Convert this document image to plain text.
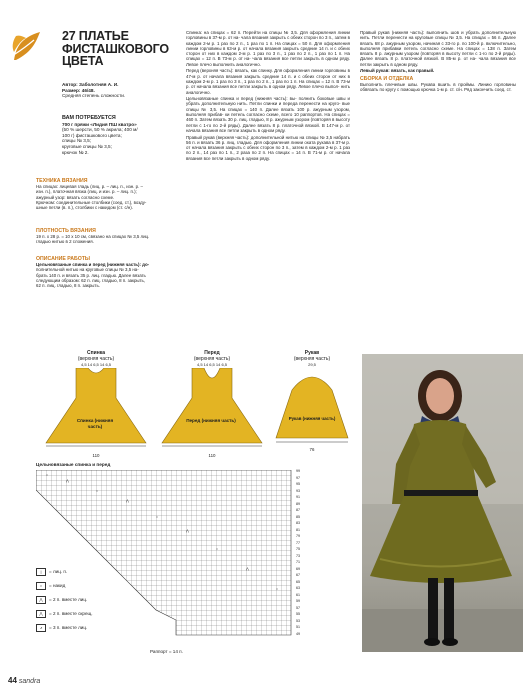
27 ПЛАТЬЕ
ФИСТАШКОВОГО
ЦВЕТА
Автор: Заболотняя А. И.
Размер: 46/48.
Средняя степень сложности.
ВАМ ПОТРЕБУЕТСЯ
700 г пряжи «Лидия ПШ кватро»
(50 % шерсти, 50 % акрила; 400 м/
100 г) фисташкового цвета;
спицы № 3,5;
круговые спицы № 3,5;
крючок № 2.
ТЕХНИКА ВЯЗАНИЯ
На спицах: лицевая гладь (лиц. р. – лиц. п., изн. р. –
изн. п.), платочная вязка (лиц. и изн. р. – лиц. п.);
ажурный узор: вязать согласно схеме.
Крючком: соединительные столбики (соед. ст.), возду-
шные петли (в. п.), столбики с накидом (ст. с/н).
ПЛОТНОСТЬ ВЯЗАНИЯ
19 п. x 28 р. = 10 x 10 см, связано на спицах № 3,5 лиц.
гладью нитью в 2 сложения.
ОПИСАНИЕ РАБОТЫ
Цельновязаные спинка и перед (нижняя часть): до-
полнительной нитью на круговые спицы № 3,5 на-
брать 140 п. и вязать 35 р. лиц. гладью. Далее вязать
следующим образом: 62 п. лиц. гладью, 8 п. закрыть,
62 п. лиц. гладью, 8 п. закрыть.

Спинка: на спицах = 62 п. Перейти на спицы № 3,5. Для оформления линии горловины в 37-м р. от на- чала вязания закрыть с обеих сторон по 3 п., затем в каждом 2-м р. 1 раз по 2 п., 1 раз по 1 п. На спицах = 50 п. Для оформления линии горловины в 63-м р. от начала вязания закрыть средние 14 п. и с обеих сторон от них в каждом 2-м р. 1 раз по 3 п., 1 раз по 2 п., 1 раз по 1 п. На спицах = 12 п. В 73-м р. от на- чала вязания все петли закрыть в одном ряду. Левое плечо выполнить аналогично.

Перед (верхняя часть): вязать, как спинку. Для оформления линии горловины в 47-м р. от начала вязания закрыть средние 14 п. и с обеих сторон от них в каждом 2-м р. 1 раз по 3 п., 1 раз по 2 п., 1 раз по 1 п. На спицах = 12 п. В 73-м р. от начала вязания все петли закрыть в одном ряду. Левое плечо выпол- нить аналогично.

Цельновязаные спинка и перед (нижняя часть): вы- полнить боковые швы и убрать дополнительную нить. Петли спинки и переда перенести на круго- вые спицы № 3,5. На спицах = 140 п. Далее вязать 100 р. ажурным узором, выполняя прибав- ки петель согласно схеме, всего 10 раппортов. На спицах = 460 п. Затем вязать 30 р. лиц. гладью, 8 р. ажурным узором (повторяя в высоту петли с 1-го по 2-й ряды). Далее вязать 8 р. платочной вязкой. В 147-м р. от начала вязания все петли закрыть в одном ряду.

Правый рукав (верхняя часть): дополнительной нитью на спицы № 3,5 набрать 56 п. и вязать 36 р. лиц. гладью. Для оформления линии оката рукава в 37-м р. от начала вязания закрыть с обеих сторон по 3 п., затем в каждом 2-м р. 1 раз по 2 п., 14 раз по 1 п., 2 раза по 2 п. На спицах = 14 п. В 71-м р. от начала вязания все петли закрыть в одном ряду.

Правый рукав (нижняя часть): выполнить шов и убрать дополнительную нить. Петли перенести на круговые спицы № 3,5. На спицах = 56 п. Далее вязать 68 р. ажурным узором, начиная с 33-го р. по 100-й р. включительно, выполняя прибавки петель согласно схеме. На спицах = 138 п. Затем вязать 8 р. ажурным узором (повторяя в высоту петли с 1-го по 2-й ряды). Далее вязать 8 р. платочной вязкой. В 85-м р. от на- чала вязания все петли закрыть в одном ряду.

Левый рукав: вязать, как правый.

СБОРКА И ОТДЕЛКА

Выполнить плечевые швы. Рукава вшить в проймы. Линию горловины обвязать по кругу с помощью крючка 1-м р. ст. с/н. Ряд закончить соед. ст.

Спинка
(верхняя часть)
4,5 14 6,5 14 6,5
Спинка (нижняя часть)
110
Перед
(верхняя часть)
4,5 14 6,5 14 6,5
Перед (нижняя часть)
110
Рукав
(верхняя часть)
29,5
Рукав (нижняя часть)
76
Цельновязаные спинка и перед
○
⋀
○
⋀
○
⋀
○
⋀
○
99
97
95
93
91
89
87
85
83
81
79
77
75
73
71
69
67
65
63
61
59
57
55
53
51
49
Раппорт = 14 п.
|	= лиц. п.
○	= накид
⋀	= 2 п. вместе лиц.
⋀	= 2 п. вместе скрещ.
⩘	= 3 п. вместе лиц.
44 sandra
